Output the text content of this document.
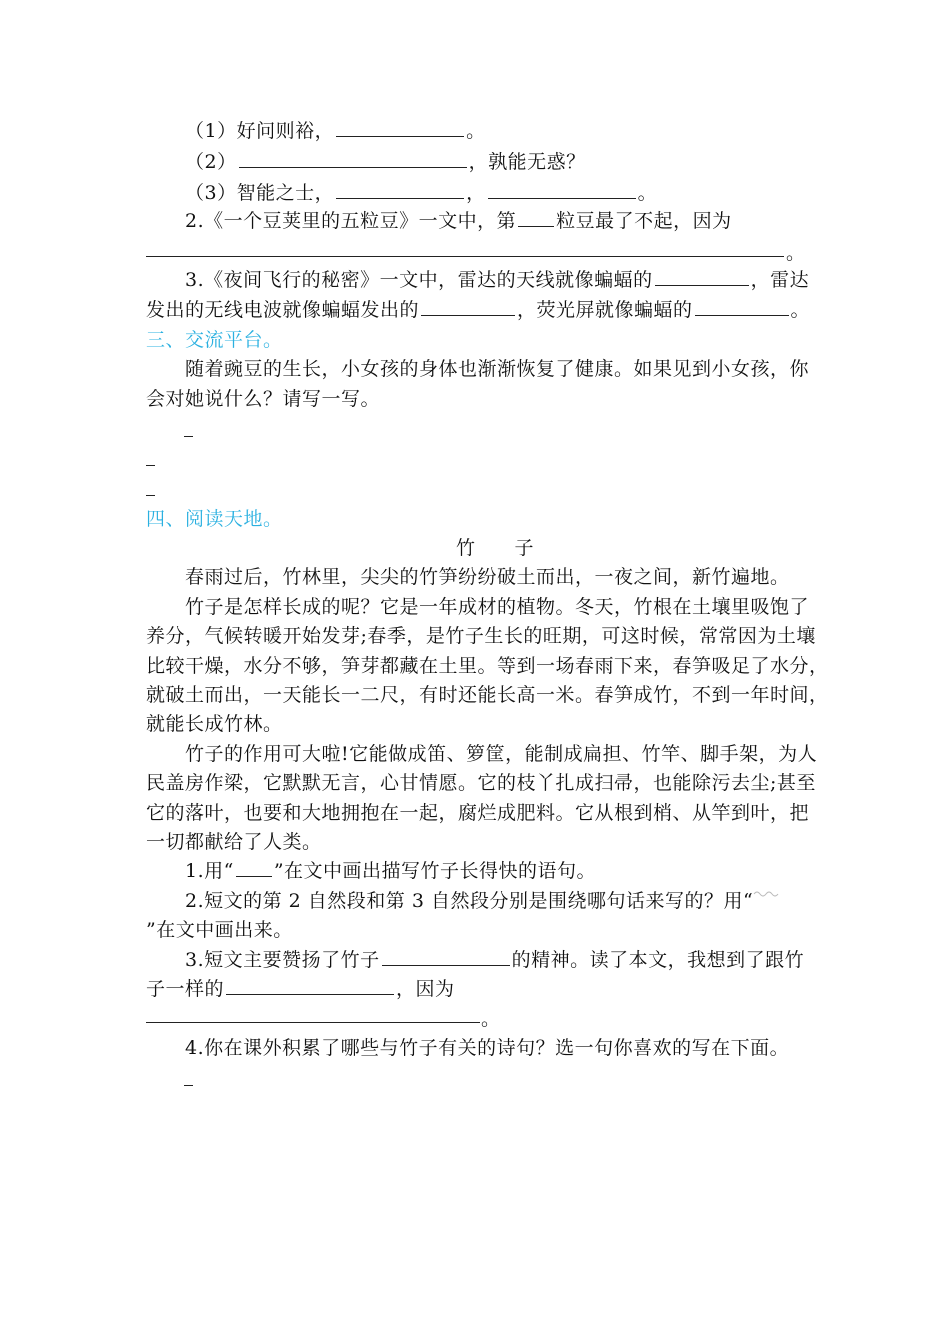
（1）好问则裕，	。
（2）	，孰能无惑？
（3）智能之士，	，	。
2.《一个豆荚里的五粒豆》一文中，第 粒豆最了不起，因为
。
3.《夜间飞行的秘密》一文中，雷达的天线就像蝙蝠的	，雷达
发出的无线电波就像蝙蝠发出的	，荧光屏就像蝙蝠的	。
三、交流平台。
随着豌豆的生长，小女孩的身体也渐渐恢复了健康。如果见到小女孩，你
会对她说什么？请写一写。
四、阅读天地。
竹　　子
春雨过后，竹林里，尖尖的竹笋纷纷破土而出，一夜之间，新竹遍地。
竹子是怎样长成的呢？它是一年成材的植物。冬天，竹根在土壤里吸饱了
养分，气候转暖开始发芽;春季，是竹子生长的旺期，可这时候，常常因为土壤
比较干燥，水分不够，笋芽都藏在土里。等到一场春雨下来，春笋吸足了水分，
就破土而出，一天能长一二尺，有时还能长高一米。春笋成竹，不到一年时间，
就能长成竹林。
竹子的作用可大啦!它能做成笛、箩筐，能制成扁担、竹竿、脚手架，为人
民盖房作梁，它默默无言，心甘情愿。它的枝丫扎成扫帚，也能除污去尘;甚至
它的落叶，也要和大地拥抱在一起，腐烂成肥料。它从根到梢、从竿到叶，把
一切都献给了人类。
1.用“ ”在文中画出描写竹子长得快的语句。
2.短文的第 2 自然段和第 3 自然段分别是围绕哪句话来写的？用“
”在文中画出来。
3.短文主要赞扬了竹子	的精神。读了本文，我想到了跟竹
子一样的	，因为
。
4.你在课外积累了哪些与竹子有关的诗句？选一句你喜欢的写在下面。
